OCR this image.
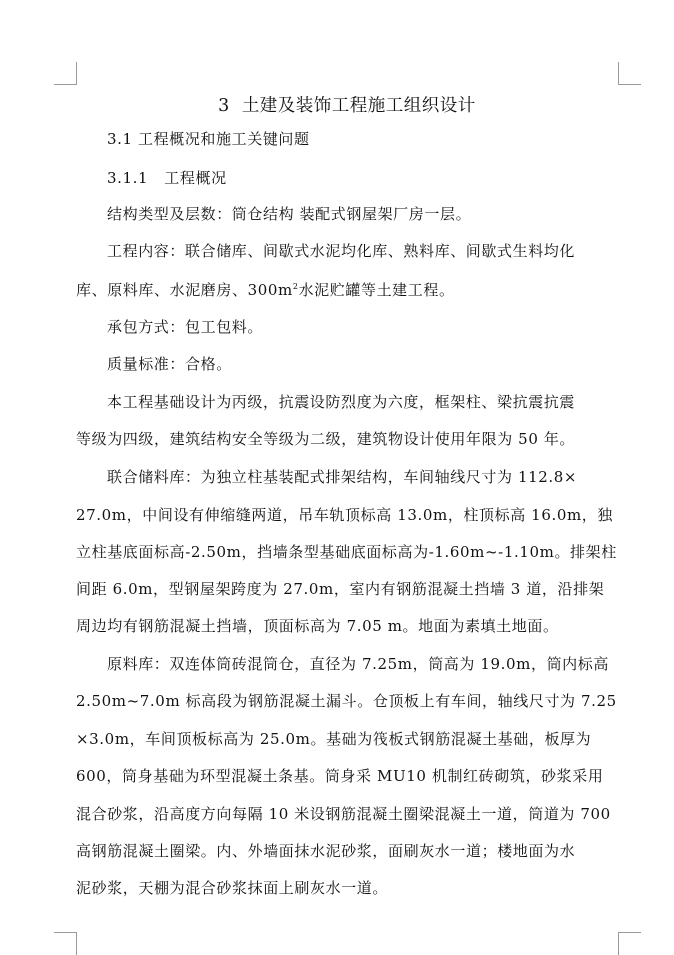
3 土建及装饰工程施工组织设计
3.1 工程概况和施工关键问题
3.1.1 工程概况
结构类型及层数：筒仓结构 装配式钢屋架厂房一层。
工程内容：联合储库、间歇式水泥均化库、熟料库、间歇式生料均化
库、原料库、水泥磨房、$300m^2$水泥贮罐等土建工程。
承包方式：包工包料。
质量标准：合格。
本工程基础设计为丙级，抗震设防烈度为六度，框架柱、梁抗震抗震
等级为四级，建筑结构安全等级为二级，建筑物设计使用年限为 50 年。
联合储料库：为独立柱基装配式排架结构，车间轴线尺寸为 112.8×
27.0m，中间设有伸缩缝两道，吊车轨顶标高 13.0m，柱顶标高 16.0m，独
立柱基底面标高-2.50m，挡墙条型基础底面标高为-1.60m~-1.10m。排架柱
间距 6.0m，型钢屋架跨度为 27.0m，室内有钢筋混凝土挡墙 3 道，沿排架
周边均有钢筋混凝土挡墙，顶面标高为 7.05 m。地面为素填土地面。
原料库：双连体筒砖混筒仓，直径为 7.25m，筒高为 19.0m，筒内标高
2.50m~7.0m 标高段为钢筋混凝土漏斗。仓顶板上有车间，轴线尺寸为 7.25
×3.0m，车间顶板标高为 25.0m。基础为筏板式钢筋混凝土基础，板厚为
600，筒身基础为环型混凝土条基。筒身采 MU10 机制红砖砌筑，砂浆采用
混合砂浆，沿高度方向每隔 10 米设钢筋混凝土圈梁混凝土一道，筒道为 700
高钢筋混凝土圈梁。内、外墙面抹水泥砂浆，面刷灰水一道；楼地面为水
泥砂浆，天棚为混合砂浆抹面上刷灰水一道。
